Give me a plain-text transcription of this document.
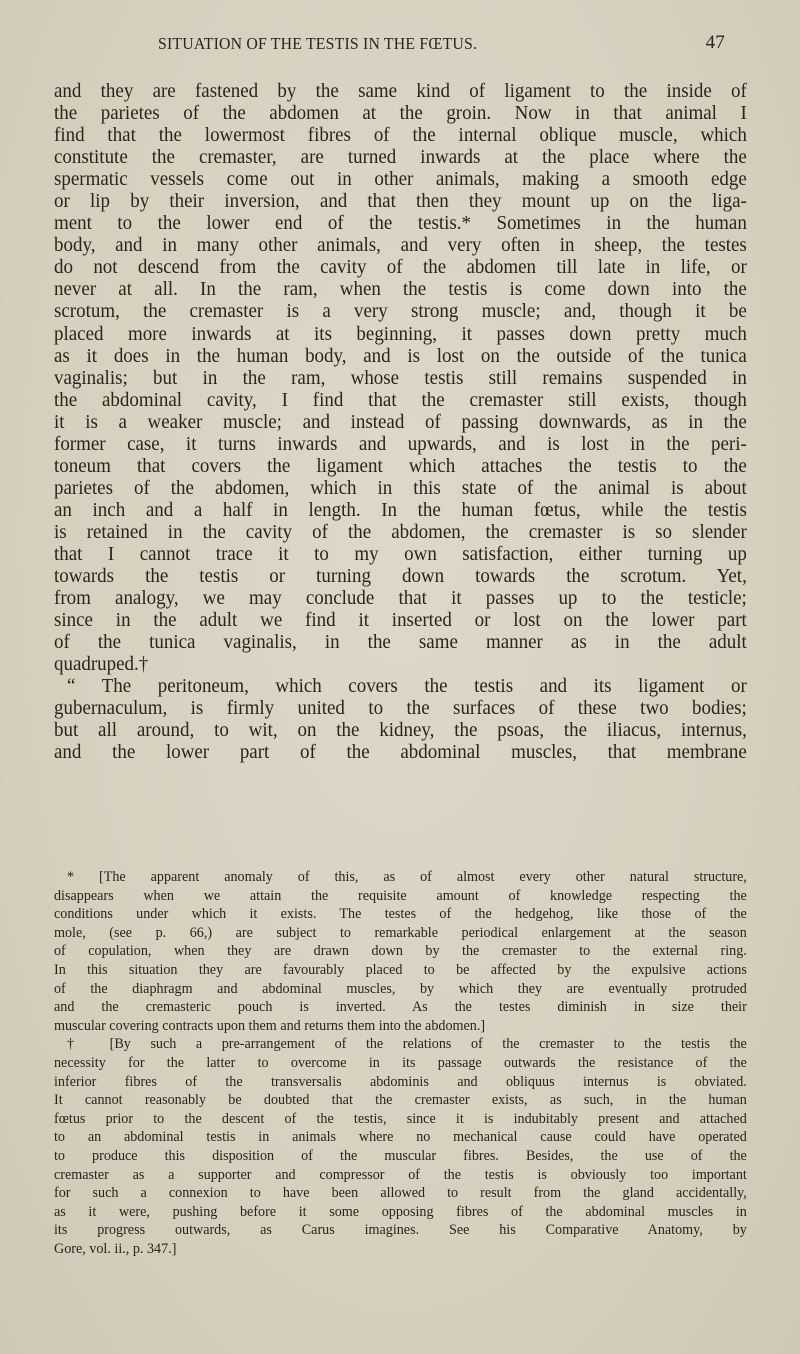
SITUATION OF THE TESTIS IN THE FŒTUS.	47
and they are fastened by the same kind of ligament to the inside of
the parietes of the abdomen at the groin. Now in that animal I
find that the lowermost fibres of the internal oblique muscle, which
constitute the cremaster, are turned inwards at the place where the
spermatic vessels come out in other animals, making a smooth edge
or lip by their inversion, and that then they mount up on the liga-
ment to the lower end of the testis.* Sometimes in the human
body, and in many other animals, and very often in sheep, the testes
do not descend from the cavity of the abdomen till late in life, or
never at all. In the ram, when the testis is come down into the
scrotum, the cremaster is a very strong muscle; and, though it be
placed more inwards at its beginning, it passes down pretty much
as it does in the human body, and is lost on the outside of the tunica
vaginalis; but in the ram, whose testis still remains suspended in
the abdominal cavity, I find that the cremaster still exists, though
it is a weaker muscle; and instead of passing downwards, as in the
former case, it turns inwards and upwards, and is lost in the peri-
toneum that covers the ligament which attaches the testis to the
parietes of the abdomen, which in this state of the animal is about
an inch and a half in length. In the human fœtus, while the testis
is retained in the cavity of the abdomen, the cremaster is so slender
that I cannot trace it to my own satisfaction, either turning up
towards the testis or turning down towards the scrotum. Yet,
from analogy, we may conclude that it passes up to the testicle;
since in the adult we find it inserted or lost on the lower part
of the tunica vaginalis, in the same manner as in the adult
quadruped.†
“ The peritoneum, which covers the testis and its ligament or
gubernaculum, is firmly united to the surfaces of these two bodies;
but all around, to wit, on the kidney, the psoas, the iliacus, internus,
and the lower part of the abdominal muscles, that membrane
* [The apparent anomaly of this, as of almost every other natural structure,
disappears when we attain the requisite amount of knowledge respecting the
conditions under which it exists. The testes of the hedgehog, like those of the
mole, (see p. 66,) are subject to remarkable periodical enlargement at the season
of copulation, when they are drawn down by the cremaster to the external ring.
In this situation they are favourably placed to be affected by the expulsive actions
of the diaphragm and abdominal muscles, by which they are eventually protruded
and the cremasteric pouch is inverted. As the testes diminish in size their
muscular covering contracts upon them and returns them into the abdomen.]
† [By such a pre-arrangement of the relations of the cremaster to the testis the
necessity for the latter to overcome in its passage outwards the resistance of the
inferior fibres of the transversalis abdominis and obliquus internus is obviated.
It cannot reasonably be doubted that the cremaster exists, as such, in the human
fœtus prior to the descent of the testis, since it is indubitably present and attached
to an abdominal testis in animals where no mechanical cause could have operated
to produce this disposition of the muscular fibres. Besides, the use of the
cremaster as a supporter and compressor of the testis is obviously too important
for such a connexion to have been allowed to result from the gland accidentally,
as it were, pushing before it some opposing fibres of the abdominal muscles in
its progress outwards, as Carus imagines. See his Comparative Anatomy, by
Gore, vol. ii., p. 347.]
